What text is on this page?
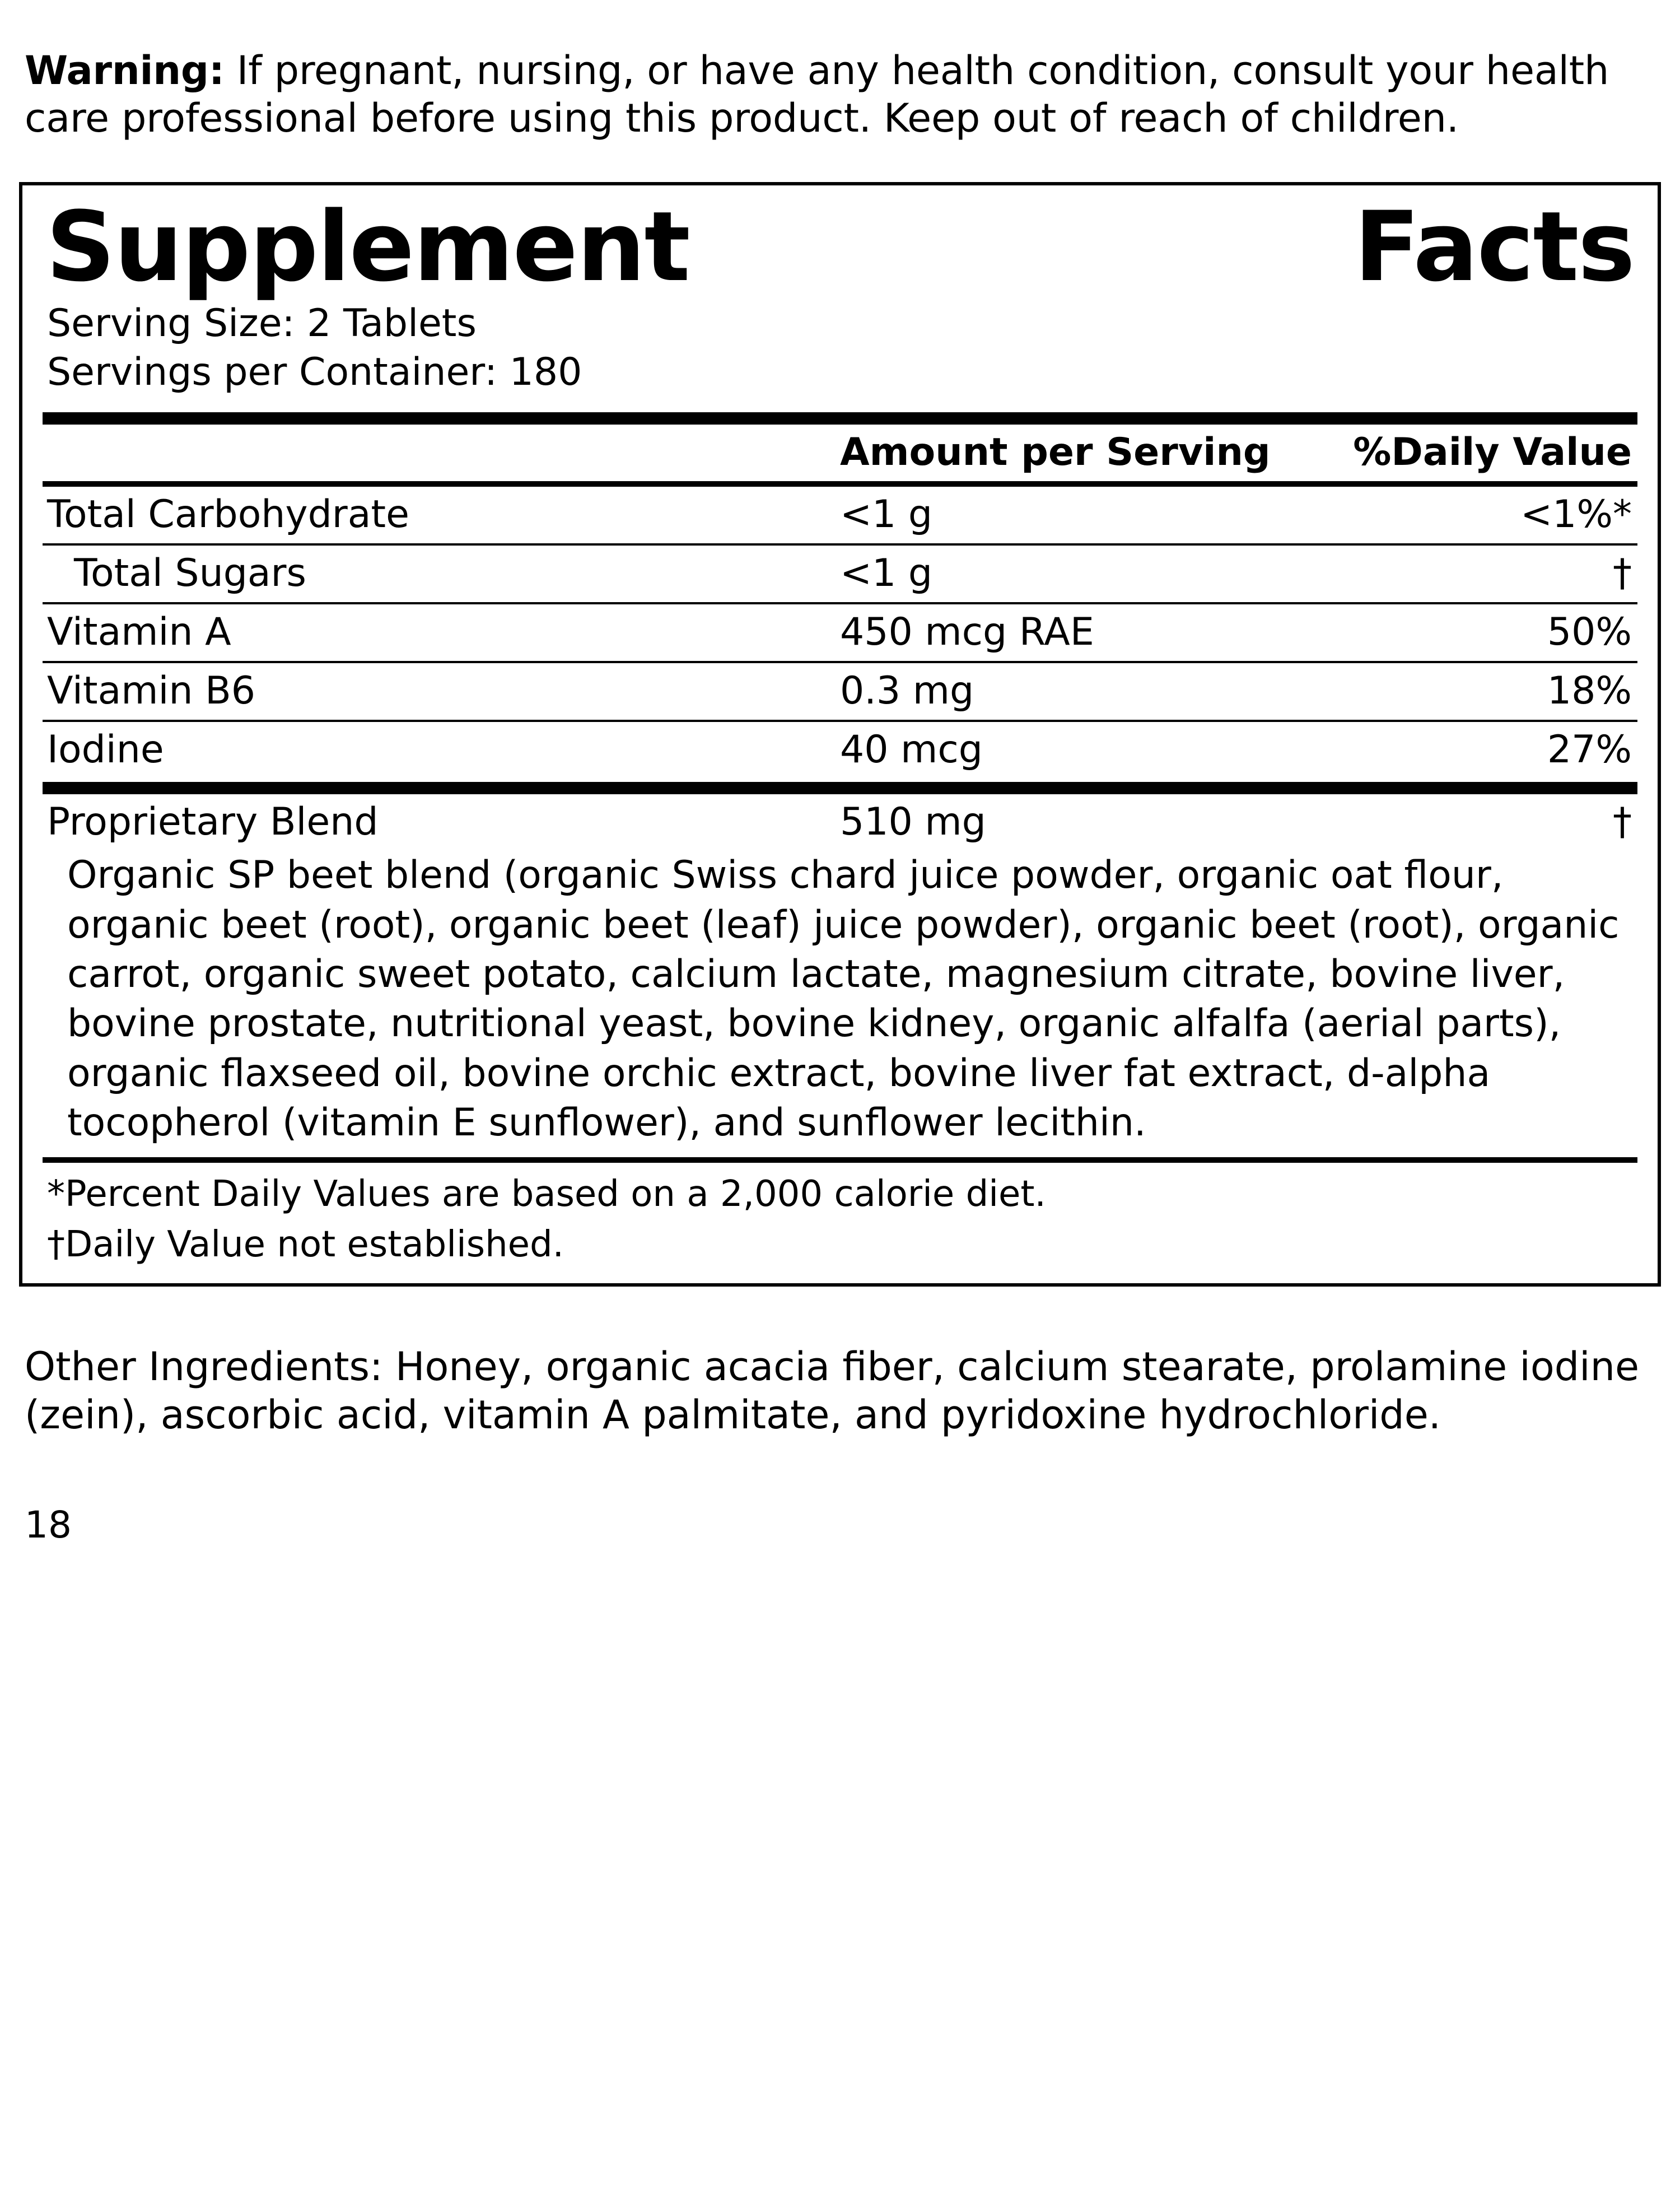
Warning: If pregnant, nursing, or have any health condition, consult your health care professional before using this product. Keep out of reach of children.

Supplement	Facts
Serving Size: 2 Tablets
Servings per Container: 180
	Amount per Serving	%Daily Value
Total Carbohydrate	<1 g	<1%*
Total Sugars	<1 g	†
Vitamin A	450 mcg RAE	50%
Vitamin B6	0.3 mg	18%
Iodine	40 mcg	27%
Proprietary Blend	510 mg	†
Organic SP beet blend (organic Swiss chard juice powder, organic oat flour, organic beet (root), organic beet (leaf) juice powder), organic beet (root), organic carrot, organic sweet potato, calcium lactate, magnesium citrate, bovine liver, bovine prostate, nutritional yeast, bovine kidney, organic alfalfa (aerial parts), organic flaxseed oil, bovine orchic extract, bovine liver fat extract, d-alpha tocopherol (vitamin E sunflower), and sunflower lecithin.
*Percent Daily Values are based on a 2,000 calorie diet.
†Daily Value not established.

Other Ingredients: Honey, organic acacia fiber, calcium stearate, prolamine iodine (zein), ascorbic acid, vitamin A palmitate, and pyridoxine hydrochloride.

18
